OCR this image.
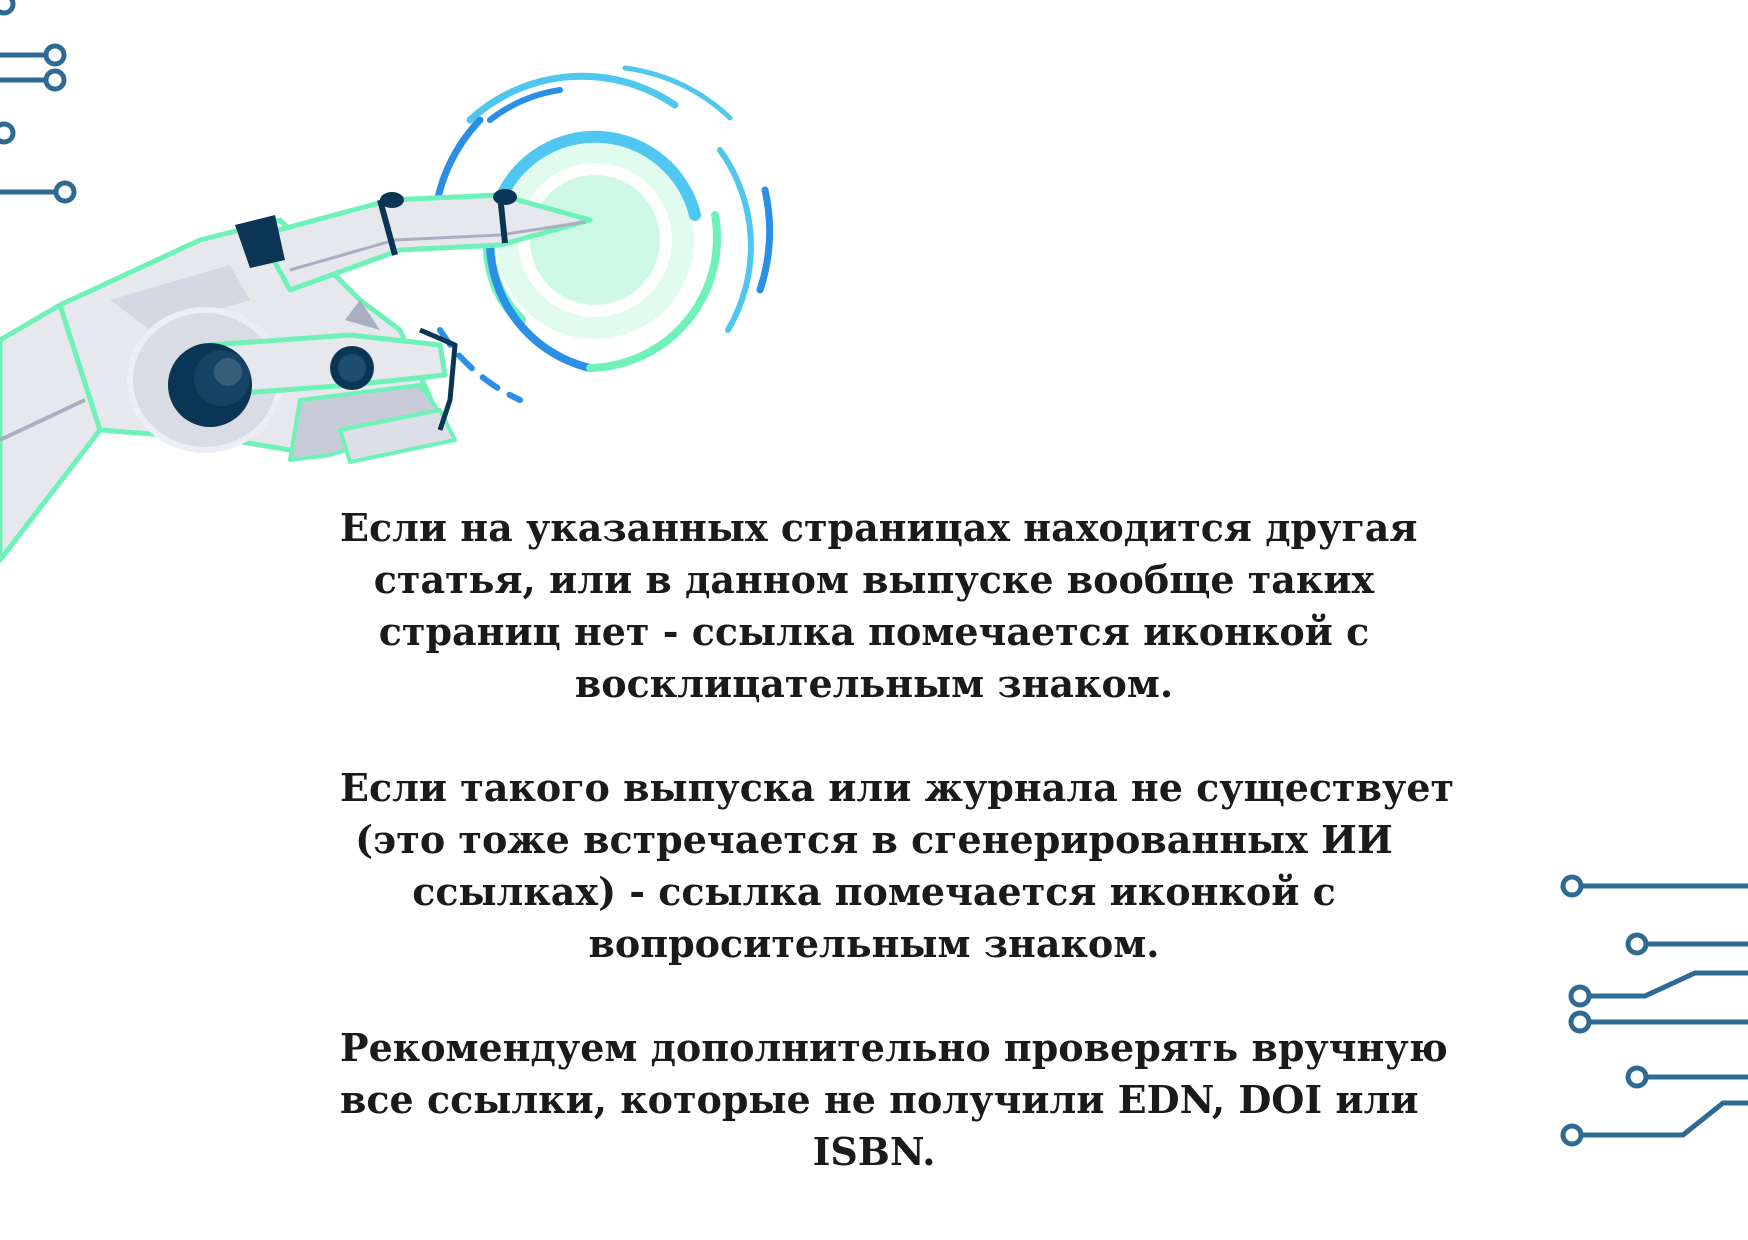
Если на указанных страницах находится другая
статья, или в данном выпуске вообще таких
страниц нет - ссылка помечается иконкой с
восклицательным знаком.

Если такого выпуска или журнала не существует
(это тоже встречается в сгенерированных ИИ
ссылках) - ссылка помечается иконкой с
вопросительным знаком.

Рекомендуем дополнительно проверять вручную
все ссылки, которые не получили EDN, DOI или
ISBN.
